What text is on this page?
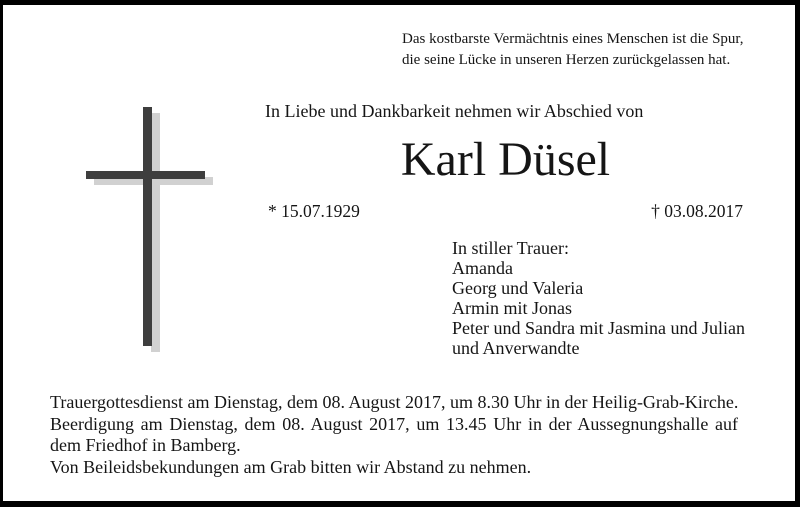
Das kostbarste Vermächtnis eines Menschen ist die Spur,
die seine Lücke in unseren Herzen zurückgelassen hat.
In Liebe und Dankbarkeit nehmen wir Abschied von
Karl Düsel
* 15.07.1929	† 03.08.2017
In stiller Trauer:
Amanda
Georg und Valeria
Armin mit Jonas
Peter und Sandra mit Jasmina und Julian
und Anverwandte
Trauergottesdienst am Dienstag, dem 08. August 2017, um 8.30 Uhr in der Heilig-Grab-Kirche.
Beerdigung am Dienstag, dem 08. August 2017, um 13.45 Uhr in der Aussegnungshalle auf
dem Friedhof in Bamberg.
Von Beileidsbekundungen am Grab bitten wir Abstand zu nehmen.
